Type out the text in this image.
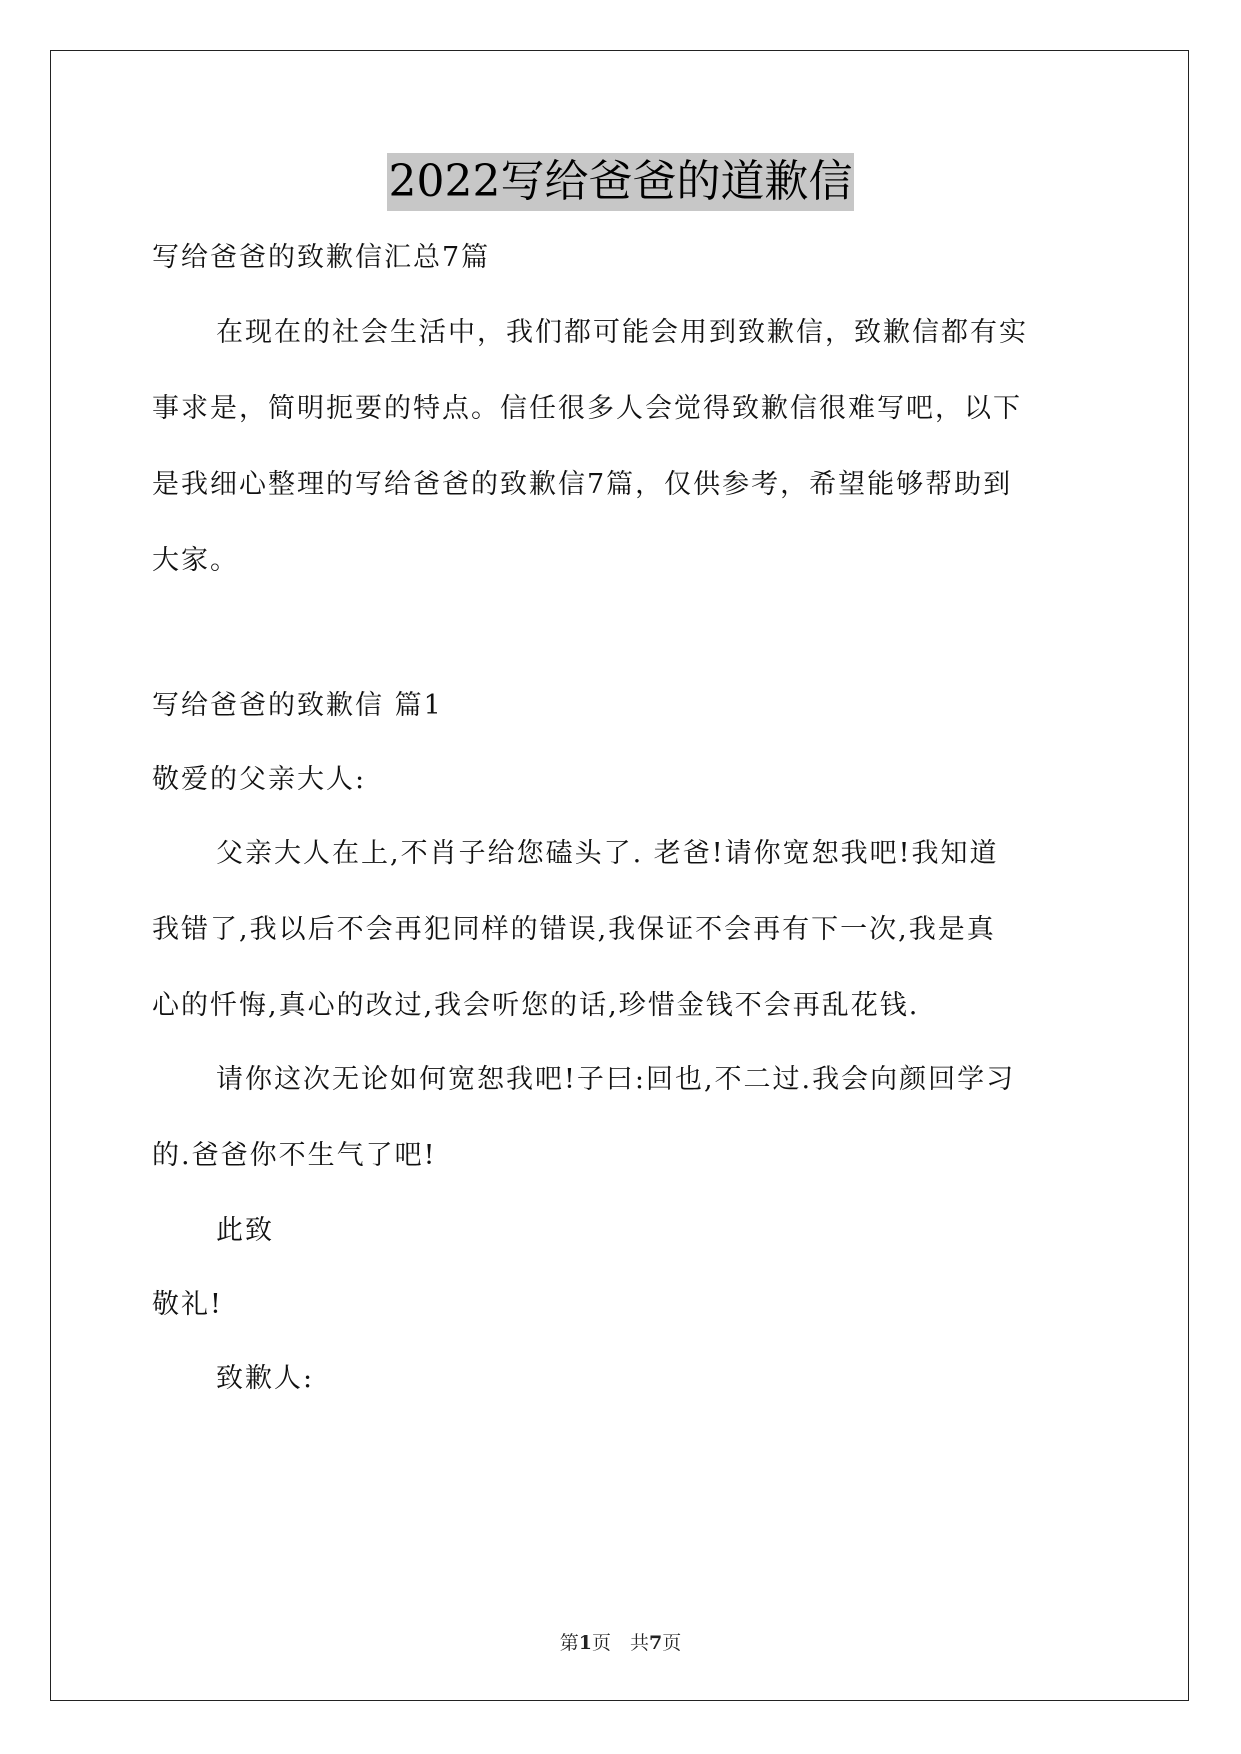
2022写给爸爸的道歉信
写给爸爸的致歉信汇总7篇
在现在的社会生活中，我们都可能会用到致歉信，致歉信都有实
事求是，简明扼要的特点。信任很多人会觉得致歉信很难写吧，以下
是我细心整理的写给爸爸的致歉信7篇，仅供参考，希望能够帮助到
大家。
写给爸爸的致歉信 篇1
敬爱的父亲大人:
父亲大人在上,不肖子给您磕头了. 老爸!请你宽恕我吧!我知道
我错了,我以后不会再犯同样的错误,我保证不会再有下一次,我是真
心的忏悔,真心的改过,我会听您的话,珍惜金钱不会再乱花钱.
请你这次无论如何宽恕我吧!子曰:回也,不二过.我会向颜回学习
的.爸爸你不生气了吧!
此致
敬礼!
致歉人:
第1页　共7页
